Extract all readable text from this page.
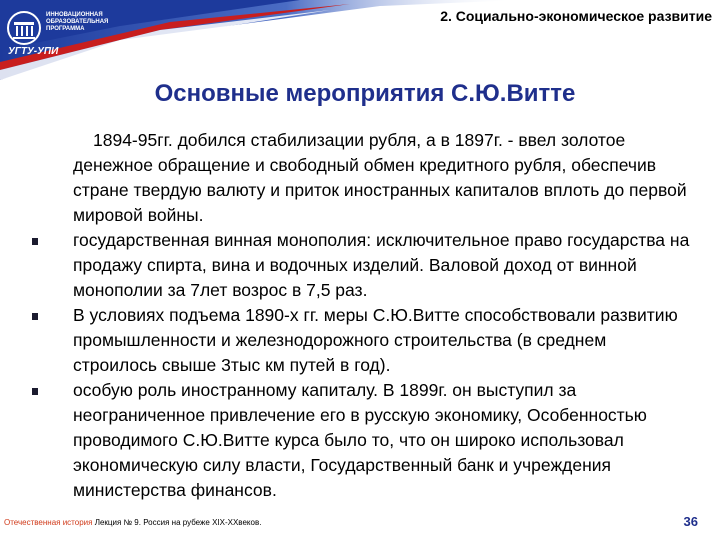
ИННОВАЦИОННАЯ
ОБРАЗОВАТЕЛЬНАЯ
ПРОГРАММА
УГТУ-УПИ
2. Социально-экономическое развитие
Основные мероприятия С.Ю.Витте
1894-95гг. добился стабилизации рубля, а в 1897г. - ввел золотое денежное обращение и свободный обмен кредитного рубля, обеспечив стране твердую валюту и приток иностранных капиталов вплоть до первой мировой войны.
государственная винная монополия: исключительное право государства на продажу спирта, вина и водочных изделий. Валовой доход от винной монополии за 7лет возрос в 7,5 раз.
В условиях подъема 1890-х гг. меры С.Ю.Витте способствовали развитию промышленности и железнодорожного строительства (в среднем строилось свыше 3тыс км путей в год).
особую роль иностранному капиталу. В 1899г. он выступил за неограниченное привлечение его в русскую экономику, Особенностью проводимого С.Ю.Витте курса было то, что он широко использовал экономическую силу власти, Государственный банк и учреждения министерства финансов.
Отечественная история Лекция № 9. Россия на рубеже XIX-XXвеков.	36
